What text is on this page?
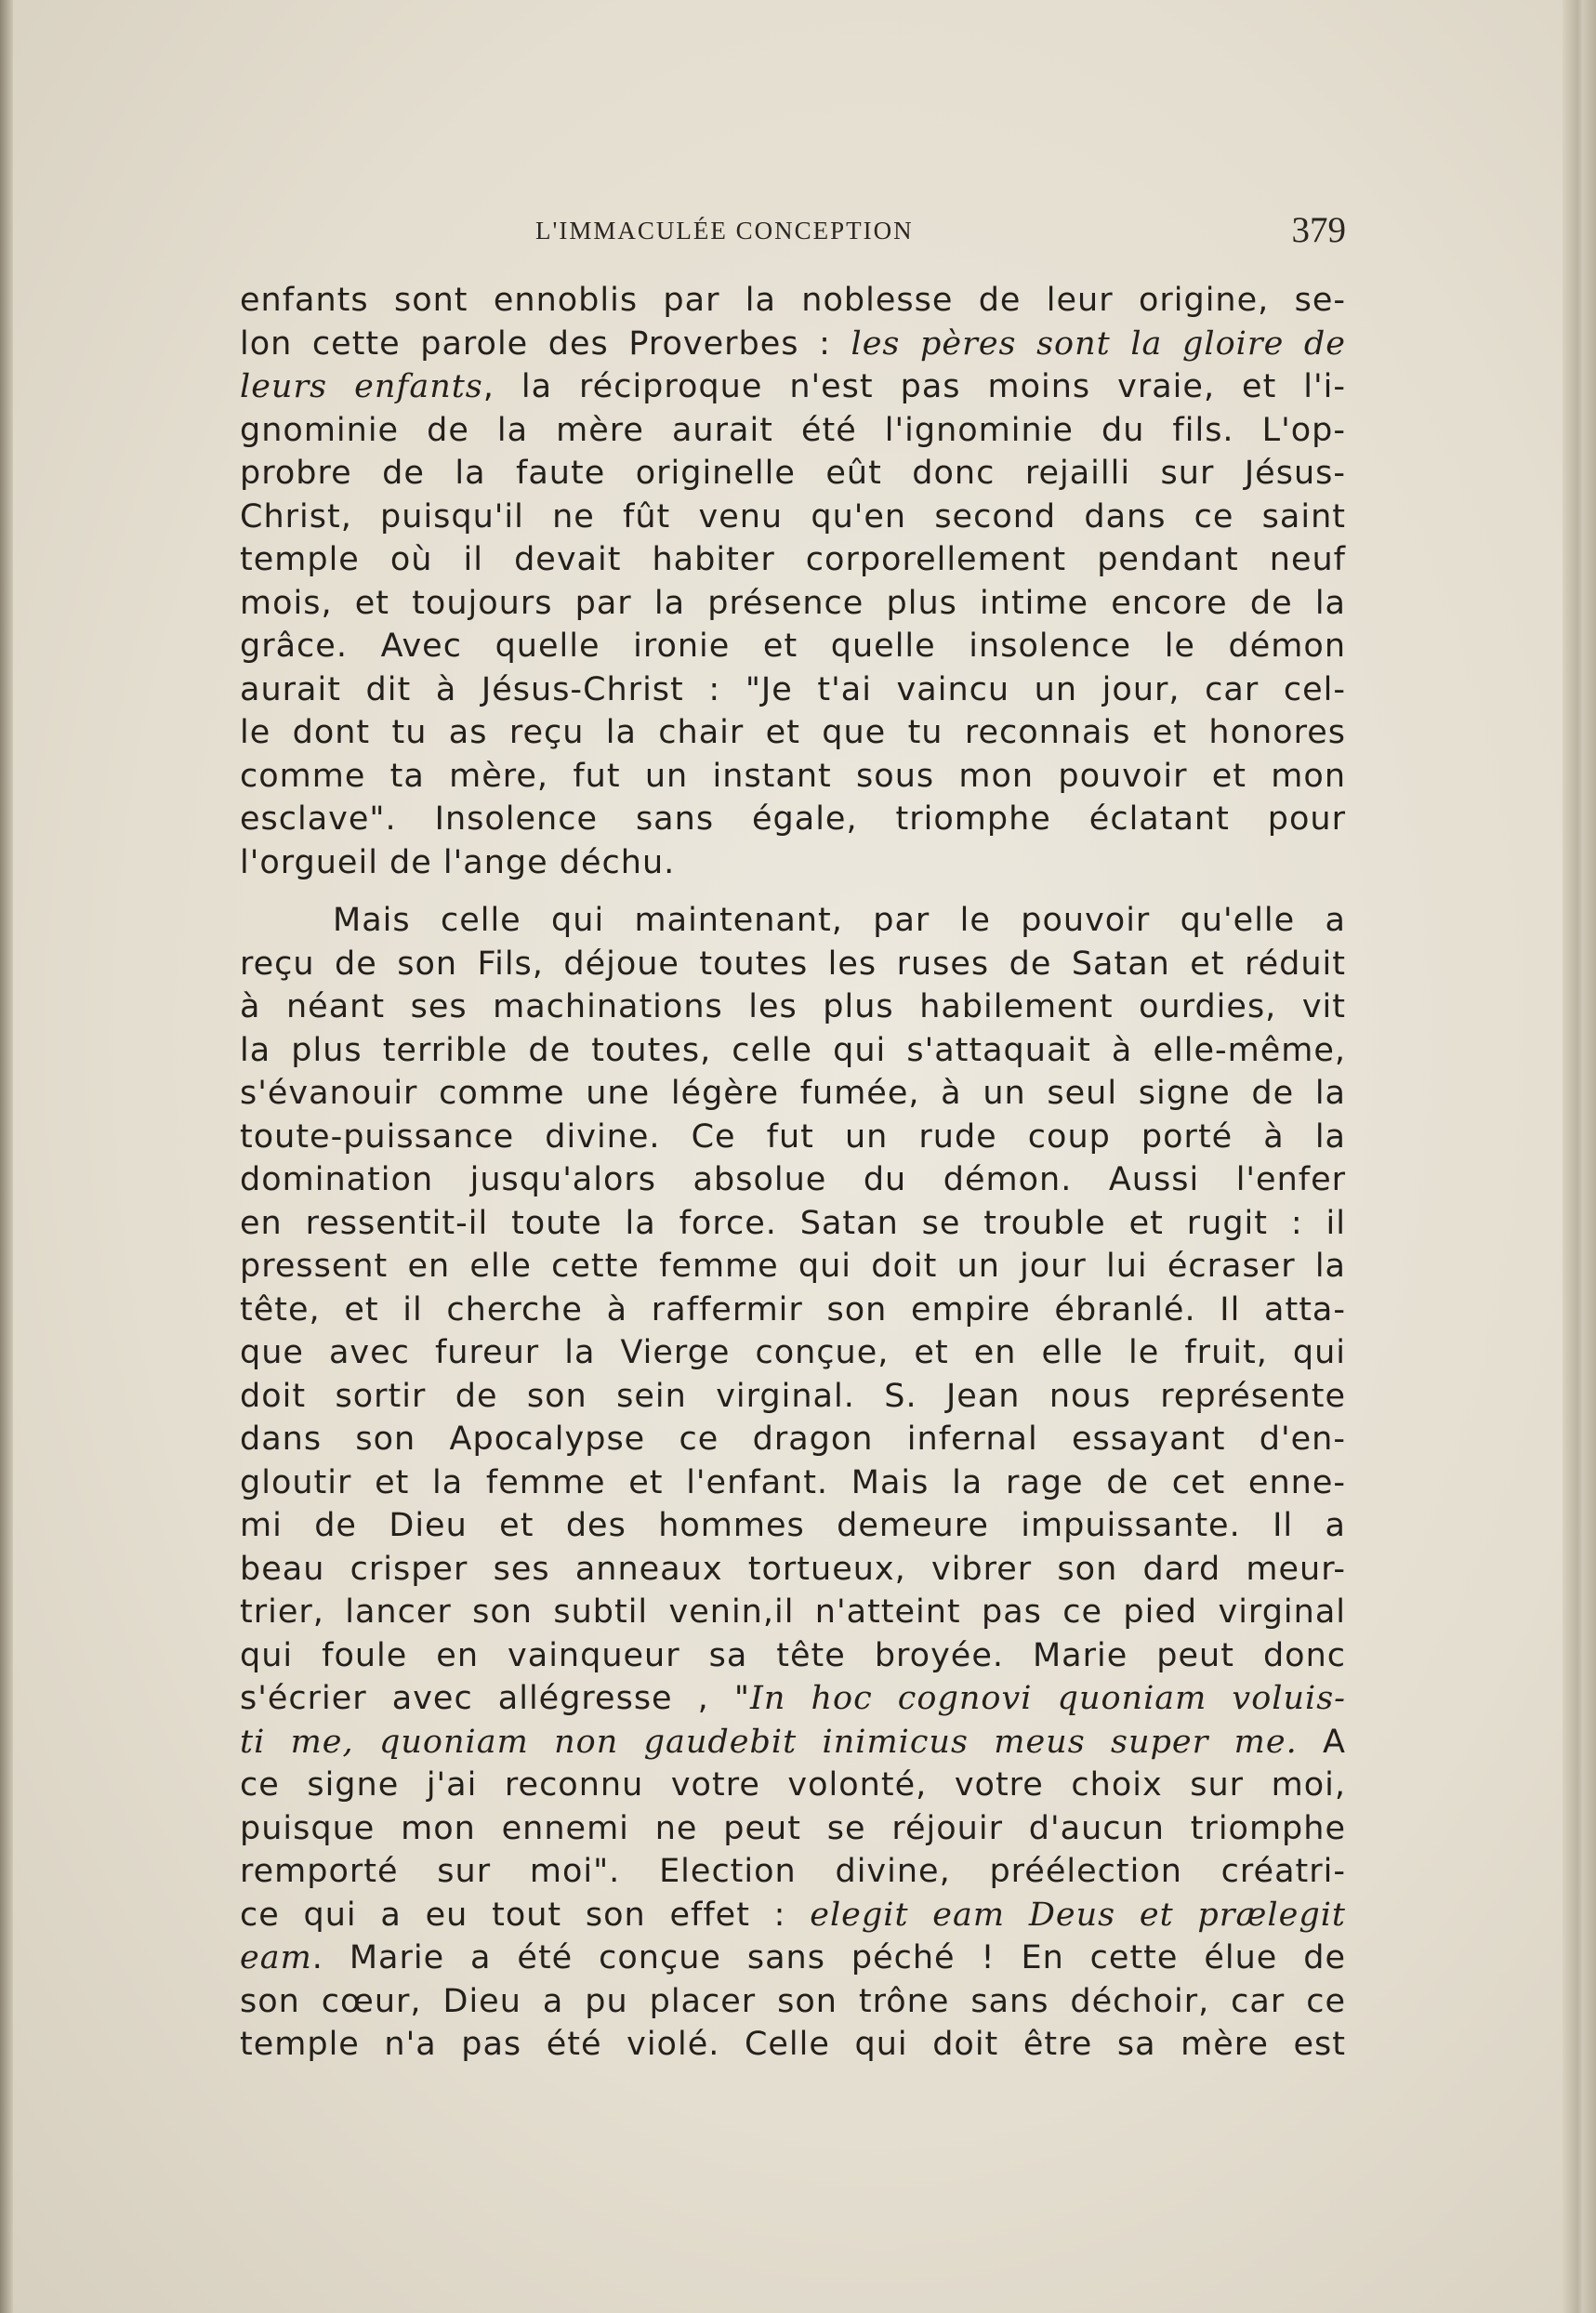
L'IMMACULÉE CONCEPTION	379
enfants sont ennoblis par la noblesse de leur origine, se-
lon cette parole des Proverbes : les pères sont la gloire de
leurs enfants, la réciproque n'est pas moins vraie, et l'i-
gnominie de la mère aurait été l'ignominie du fils. L'op-
probre de la faute originelle eût donc rejailli sur Jésus-
Christ, puisqu'il ne fût venu qu'en second dans ce saint
temple où il devait habiter corporellement pendant neuf
mois, et toujours par la présence plus intime encore de la
grâce. Avec quelle ironie et quelle insolence le démon
aurait dit à Jésus-Christ : "Je t'ai vaincu un jour, car cel-
le dont tu as reçu la chair et que tu reconnais et honores
comme ta mère, fut un instant sous mon pouvoir et mon
esclave". Insolence sans égale, triomphe éclatant pour
l'orgueil de l'ange déchu.
Mais celle qui maintenant, par le pouvoir qu'elle a
reçu de son Fils, déjoue toutes les ruses de Satan et réduit
à néant ses machinations les plus habilement ourdies, vit
la plus terrible de toutes, celle qui s'attaquait à elle-même,
s'évanouir comme une légère fumée, à un seul signe de la
toute-puissance divine. Ce fut un rude coup porté à la
domination jusqu'alors absolue du démon. Aussi l'enfer
en ressentit-il toute la force. Satan se trouble et rugit : il
pressent en elle cette femme qui doit un jour lui écraser la
tête, et il cherche à raffermir son empire ébranlé. Il atta-
que avec fureur la Vierge conçue, et en elle le fruit, qui
doit sortir de son sein virginal. S. Jean nous représente
dans son Apocalypse ce dragon infernal essayant d'en-
gloutir et la femme et l'enfant. Mais la rage de cet enne-
mi de Dieu et des hommes demeure impuissante. Il a
beau crisper ses anneaux tortueux, vibrer son dard meur-
trier, lancer son subtil venin,il n'atteint pas ce pied virginal
qui foule en vainqueur sa tête broyée. Marie peut donc
s'écrier avec allégresse , "In hoc cognovi quoniam voluis-
ti me, quoniam non gaudebit inimicus meus super me. A
ce signe j'ai reconnu votre volonté, votre choix sur moi,
puisque mon ennemi ne peut se réjouir d'aucun triomphe
remporté sur moi". Election divine, préélection créatri-
ce qui a eu tout son effet : elegit eam Deus et prælegit
eam. Marie a été conçue sans péché ! En cette élue de
son cœur, Dieu a pu placer son trône sans déchoir, car ce
temple n'a pas été violé. Celle qui doit être sa mère est
